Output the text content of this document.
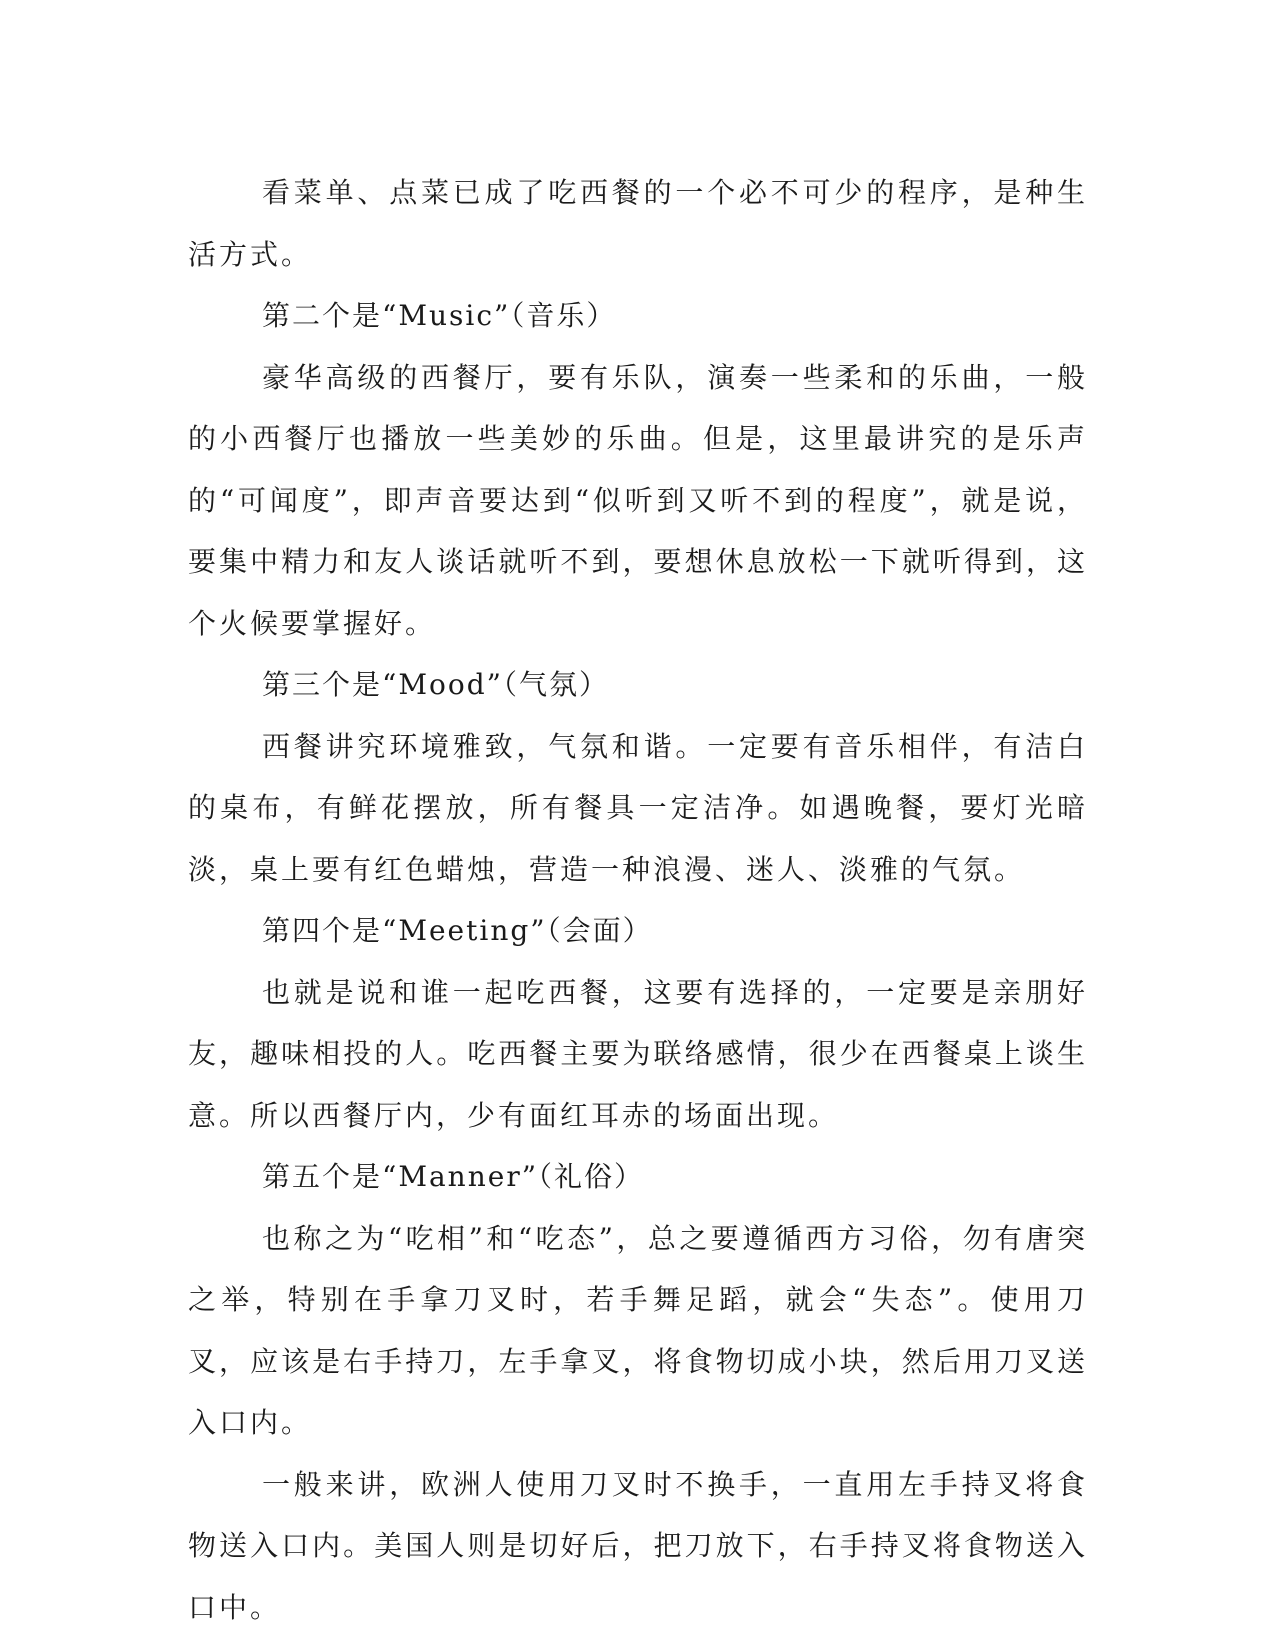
看菜单、点菜已成了吃西餐的一个必不可少的程序，是种生活方式。

第二个是“Music”（音乐）

豪华高级的西餐厅，要有乐队，演奏一些柔和的乐曲，一般的小西餐厅也播放一些美妙的乐曲。但是，这里最讲究的是乐声的“可闻度”，即声音要达到“似听到又听不到的程度”，就是说，要集中精力和友人谈话就听不到，要想休息放松一下就听得到，这个火候要掌握好。

第三个是“Mood”（气氛）

西餐讲究环境雅致，气氛和谐。一定要有音乐相伴，有洁白的桌布，有鲜花摆放，所有餐具一定洁净。如遇晚餐，要灯光暗淡，桌上要有红色蜡烛，营造一种浪漫、迷人、淡雅的气氛。

第四个是“Meeting”（会面）

也就是说和谁一起吃西餐，这要有选择的，一定要是亲朋好友，趣味相投的人。吃西餐主要为联络感情，很少在西餐桌上谈生意。所以西餐厅内，少有面红耳赤的场面出现。

第五个是“Manner”（礼俗）

也称之为“吃相”和“吃态”，总之要遵循西方习俗，勿有唐突之举，特别在手拿刀叉时，若手舞足蹈，就会“失态”。使用刀叉，应该是右手持刀，左手拿叉，将食物切成小块，然后用刀叉送入口内。

一般来讲，欧洲人使用刀叉时不换手，一直用左手持叉将食物送入口内。美国人则是切好后，把刀放下，右手持叉将食物送入口中。
